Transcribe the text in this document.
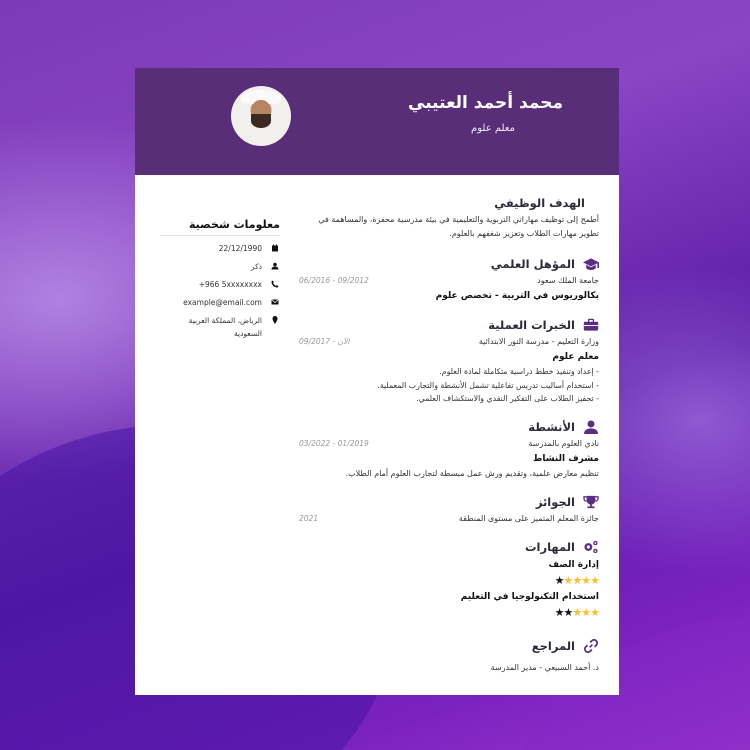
محمد أحمد العتيبي
معلم علوم
معلومات شخصية
22/12/1990
ذكر
+966 5xxxxxxxx
example@email.com
الرياض، المملكة العربية السعودية
الهدف الوظيفي
أطمح إلى توظيف مهاراتي التربوية والتعليمية في بيئة مدرسية محفزة، والمساهمة في تطوير مهارات الطلاب وتعزيز شغفهم بالعلوم.
المؤهل العلمي
جامعة الملك سعود
06/2016 - 09/2012
بكالوريوس في التربية - تخصص علوم
الخبرات العملية
وزارة التعليم - مدرسة النور الابتدائية
الآن - 09/2017
معلم علوم
- إعداد وتنفيذ خطط دراسية متكاملة لمادة العلوم.
- استخدام أساليب تدريس تفاعلية تشمل الأنشطة والتجارب المعملية.
- تحفيز الطلاب على التفكير النقدي والاستكشاف العلمي.
الأنشطة
نادي العلوم بالمدرسة
03/2022 - 01/2019
مشرف النشاط
تنظيم معارض علمية، وتقديم ورش عمل مبسطة لتجارب العلوم أمام الطلاب.
الجوائز
جائزة المعلم المتميز على مستوى المنطقة
2021
المهارات
إدارة الصف
★★★★★
استخدام التكنولوجيا في التعليم
★★★★★
المراجع
د. أحمد السبيعي - مدير المدرسة
